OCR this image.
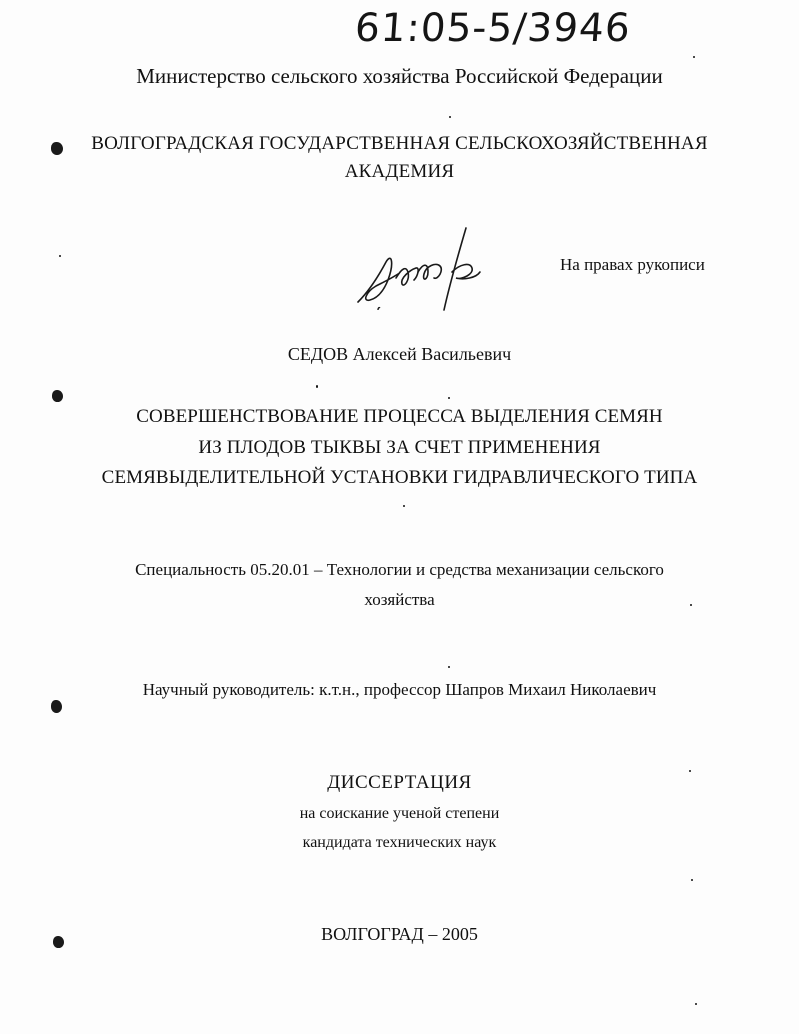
61:05-5/3946
Министерство сельского хозяйства Российской Федерации
ВОЛГОГРАДСКАЯ ГОСУДАРСТВЕННАЯ СЕЛЬСКОХОЗЯЙСТВЕННАЯ
АКАДЕМИЯ
На правах рукописи
СЕДОВ Алексей Васильевич
СОВЕРШЕНСТВОВАНИЕ ПРОЦЕССА ВЫДЕЛЕНИЯ СЕМЯН
ИЗ ПЛОДОВ ТЫКВЫ ЗА СЧЕТ ПРИМЕНЕНИЯ
СЕМЯВЫДЕЛИТЕЛЬНОЙ УСТАНОВКИ ГИДРАВЛИЧЕСКОГО ТИПА
Специальность 05.20.01 – Технологии и средства механизации сельского
хозяйства
Научный руководитель: к.т.н., профессор Шапров Михаил Николаевич
ДИССЕРТАЦИЯ
на соискание ученой степени
кандидата технических наук
ВОЛГОГРАД – 2005
